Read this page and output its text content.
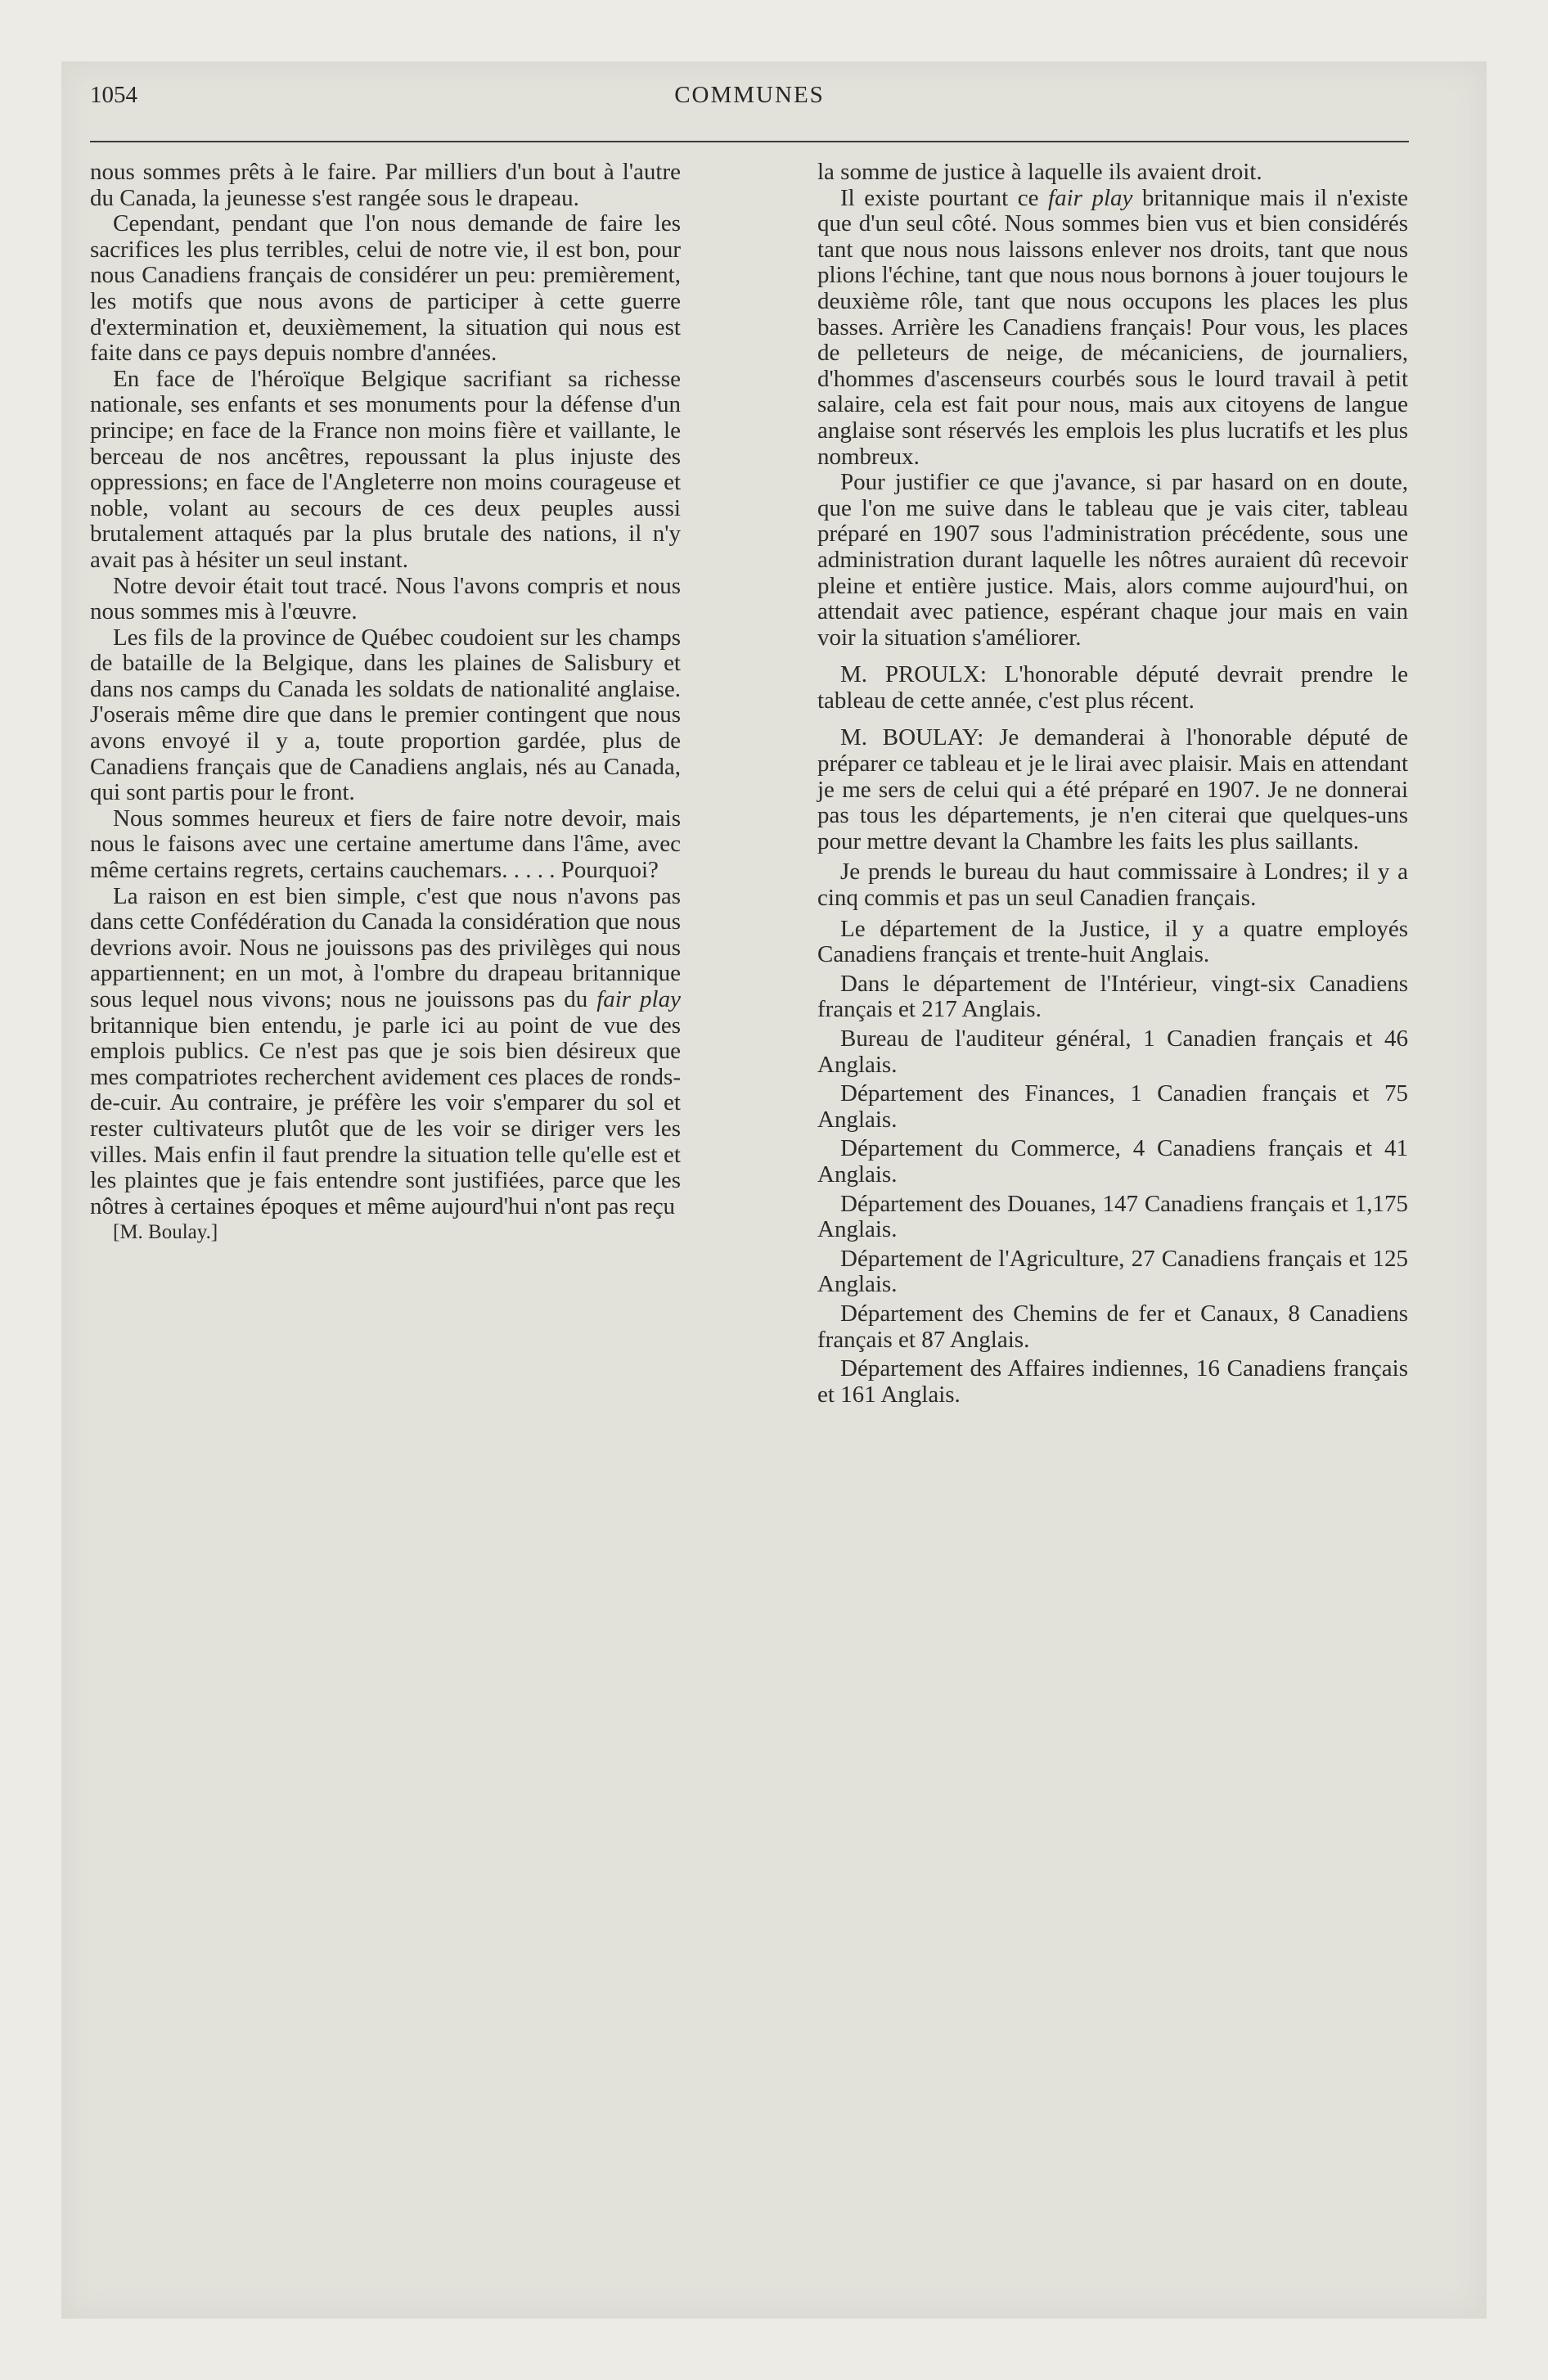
1054	COMMUNES

nous sommes prêts à le faire. Par milliers d'un bout à l'autre du Canada, la jeunesse s'est rangée sous le drapeau.

Cependant, pendant que l'on nous demande de faire les sacrifices les plus terribles, celui de notre vie, il est bon, pour nous Canadiens français de considérer un peu: premièrement, les motifs que nous avons de participer à cette guerre d'extermination et, deuxièmement, la situation qui nous est faite dans ce pays depuis nombre d'années.

En face de l'héroïque Belgique sacrifiant sa richesse nationale, ses enfants et ses monuments pour la défense d'un principe; en face de la France non moins fière et vaillante, le berceau de nos ancêtres, repoussant la plus injuste des oppressions; en face de l'Angleterre non moins courageuse et noble, volant au secours de ces deux peuples aussi brutalement attaqués par la plus brutale des nations, il n'y avait pas à hésiter un seul instant.

Notre devoir était tout tracé. Nous l'avons compris et nous nous sommes mis à l'œuvre.

Les fils de la province de Québec coudoient sur les champs de bataille de la Belgique, dans les plaines de Salisbury et dans nos camps du Canada les soldats de nationalité anglaise. J'oserais même dire que dans le premier contingent que nous avons envoyé il y a, toute proportion gardée, plus de Canadiens français que de Canadiens anglais, nés au Canada, qui sont partis pour le front.

Nous sommes heureux et fiers de faire notre devoir, mais nous le faisons avec une certaine amertume dans l'âme, avec même certains regrets, certains cauchemars. . . . . Pourquoi?

La raison en est bien simple, c'est que nous n'avons pas dans cette Confédération du Canada la considération que nous devrions avoir. Nous ne jouissons pas des privilèges qui nous appartiennent; en un mot, à l'ombre du drapeau britannique sous lequel nous vivons; nous ne jouissons pas du fair play britannique bien entendu, je parle ici au point de vue des emplois publics. Ce n'est pas que je sois bien désireux que mes compatriotes recherchent avidement ces places de ronds-de-cuir. Au contraire, je préfère les voir s'emparer du sol et rester cultivateurs plutôt que de les voir se diriger vers les villes. Mais enfin il faut prendre la situation telle qu'elle est et les plaintes que je fais entendre sont justifiées, parce que les nôtres à certaines époques et même aujourd'hui n'ont pas reçu

[M. Boulay.]

la somme de justice à laquelle ils avaient droit.

Il existe pourtant ce fair play britannique mais il n'existe que d'un seul côté. Nous sommes bien vus et bien considérés tant que nous nous laissons enlever nos droits, tant que nous plions l'échine, tant que nous nous bornons à jouer toujours le deuxième rôle, tant que nous occupons les places les plus basses. Arrière les Canadiens français! Pour vous, les places de pelleteurs de neige, de mécaniciens, de journaliers, d'hommes d'ascenseurs courbés sous le lourd travail à petit salaire, cela est fait pour nous, mais aux citoyens de langue anglaise sont réservés les emplois les plus lucratifs et les plus nombreux.

Pour justifier ce que j'avance, si par hasard on en doute, que l'on me suive dans le tableau que je vais citer, tableau préparé en 1907 sous l'administration précédente, sous une administration durant laquelle les nôtres auraient dû recevoir pleine et entière justice. Mais, alors comme aujourd'hui, on attendait avec patience, espérant chaque jour mais en vain voir la situation s'améliorer.

M. PROULX: L'honorable député devrait prendre le tableau de cette année, c'est plus récent.

M. BOULAY: Je demanderai à l'honorable député de préparer ce tableau et je le lirai avec plaisir. Mais en attendant je me sers de celui qui a été préparé en 1907. Je ne donnerai pas tous les départements, je n'en citerai que quelques-uns pour mettre devant la Chambre les faits les plus saillants.

Je prends le bureau du haut commissaire à Londres; il y a cinq commis et pas un seul Canadien français.

Le département de la Justice, il y a quatre employés Canadiens français et trente-huit Anglais.

Dans le département de l'Intérieur, vingt-six Canadiens français et 217 Anglais.

Bureau de l'auditeur général, 1 Canadien français et 46 Anglais.

Département des Finances, 1 Canadien français et 75 Anglais.

Département du Commerce, 4 Canadiens français et 41 Anglais.

Département des Douanes, 147 Canadiens français et 1,175 Anglais.

Département de l'Agriculture, 27 Canadiens français et 125 Anglais.

Département des Chemins de fer et Canaux, 8 Canadiens français et 87 Anglais.

Département des Affaires indiennes, 16 Canadiens français et 161 Anglais.
